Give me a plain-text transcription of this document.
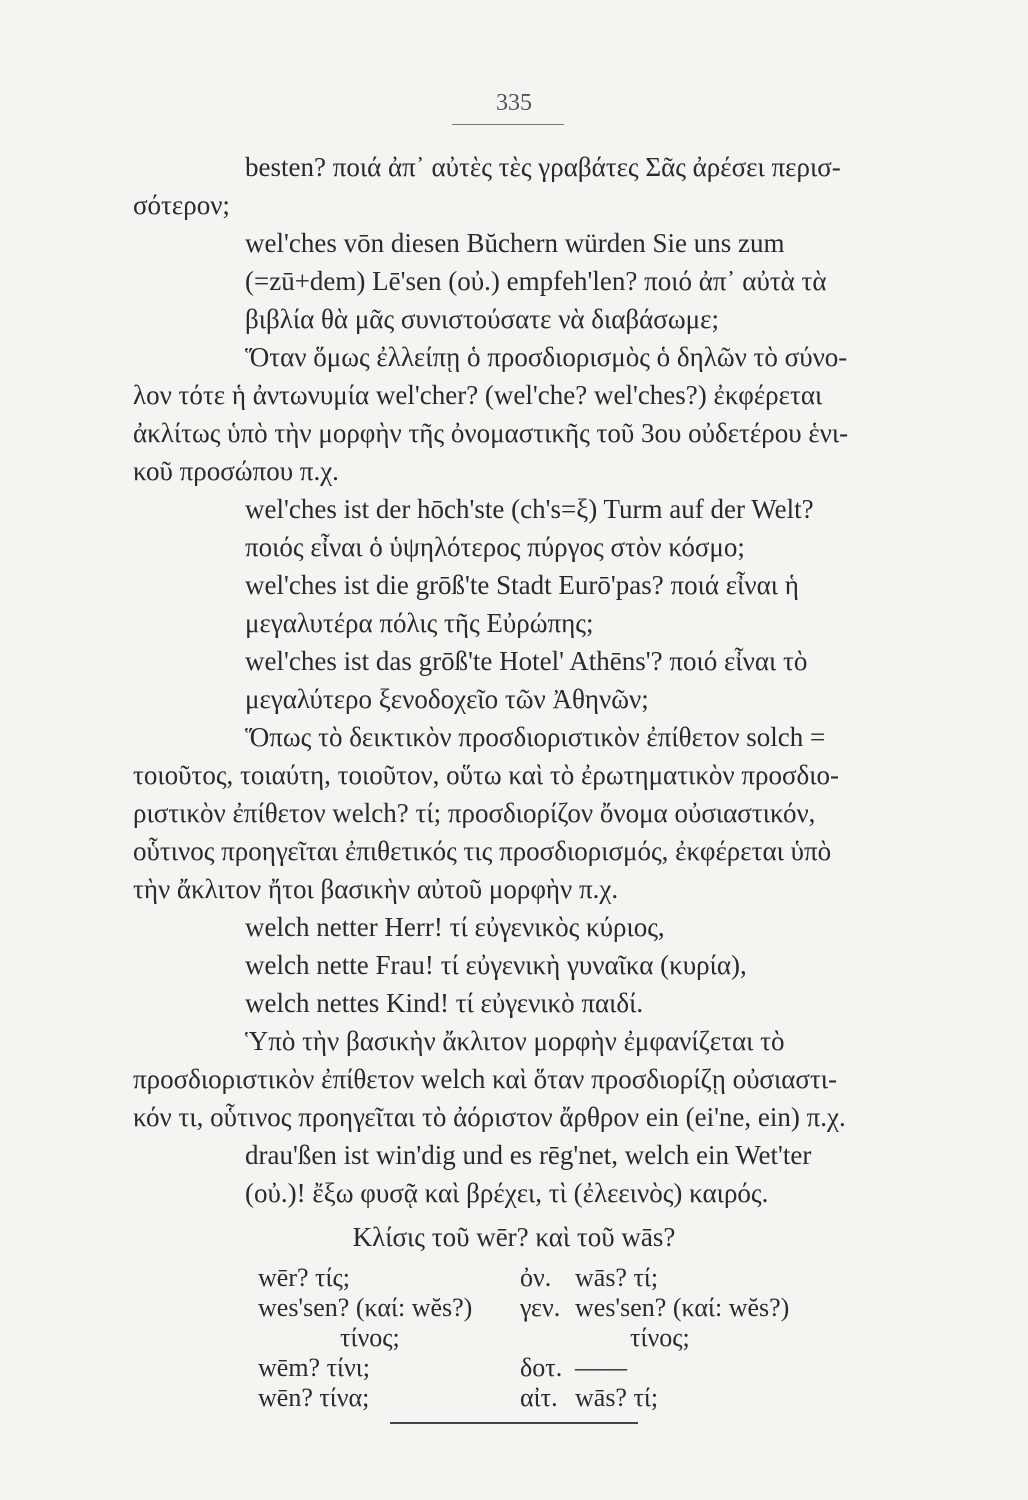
335
besten? ποιά ἀπ᾽ αὐτὲς τὲς γραβάτες Σᾶς ἀρέσει περισ-
σότερον;
wel'ches vōn diesen Bŭchern würden Sie uns zum
(=zū+dem) Lē'sen (οὐ.) empfeh'len? ποιό ἀπ᾽ αὐτὰ τὰ
βιβλία θὰ μᾶς συνιστούσατε νὰ διαβάσωμε;
Ὅταν ὅμως ἐλλείπῃ ὁ προσδιορισμὸς ὁ δηλῶν τὸ σύνο-
λον τότε ἡ ἀντωνυμία wel'cher? (wel'che? wel'ches?) ἐκφέρεται
ἀκλίτως ὑπὸ τὴν μορφὴν τῆς ὀνομαστικῆς τοῦ 3ου οὐδετέρου ἑνι-
κοῦ προσώπου π.χ.
wel'ches ist der hōch'ste (ch's=ξ) Turm auf der Welt?
ποιός εἶναι ὁ ὑψηλότερος πύργος στὸν κόσμο;
wel'ches ist die grōß'te Stadt Eurō'pas? ποιά εἶναι ἡ
μεγαλυτέρα πόλις τῆς Εὐρώπης;
wel'ches ist das grōß'te Hotel' Athēns'? ποιό εἶναι τὸ
μεγαλύτερο ξενοδοχεῖο τῶν Ἀθηνῶν;
Ὅπως τὸ δεικτικὸν προσδιοριστικὸν ἐπίθετον solch =
τοιοῦτος, τοιαύτη, τοιοῦτον, οὕτω καὶ τὸ ἐρωτηματικὸν προσδιο-
ριστικὸν ἐπίθετον welch? τί; προσδιορίζον ὄνομα οὐσιαστικόν,
οὗτινος προηγεῖται ἐπιθετικός τις προσδιορισμός, ἐκφέρεται ὑπὸ
τὴν ἄκλιτον ἤτοι βασικὴν αὐτοῦ μορφὴν π.χ.
welch netter Herr! τί εὐγενικὸς κύριος,
welch nette Frau! τί εὐγενικὴ γυναῖκα (κυρία),
welch nettes Kind! τί εὐγενικὸ παιδί.
Ὑπὸ τὴν βασικὴν ἄκλιτον μορφὴν ἐμφανίζεται τὸ
προσδιοριστικὸν ἐπίθετον welch καὶ ὅταν προσδιορίζῃ οὐσιαστι-
κόν τι, οὗτινος προηγεῖται τὸ ἀόριστον ἄρθρον ein (ei'ne, ein) π.χ.
drau'ßen ist win'dig und es rēg'net, welch ein Wet'ter
(οὐ.)! ἔξω φυσᾷ καὶ βρέχει, τὶ (ἐλεεινὸς) καιρός.
Κλίσις τοῦ wēr? καὶ τοῦ wās?
wēr? τίς;
wes'sen? (καί: wĕs?)
τίνος;
wēm? τίνι;
wēn? τίνα;
ὀν.
γεν.
δοτ.
αἰτ.
wās? τί;
wes'sen? (καί: wĕs?)
τίνος;
——
wās? τί;
